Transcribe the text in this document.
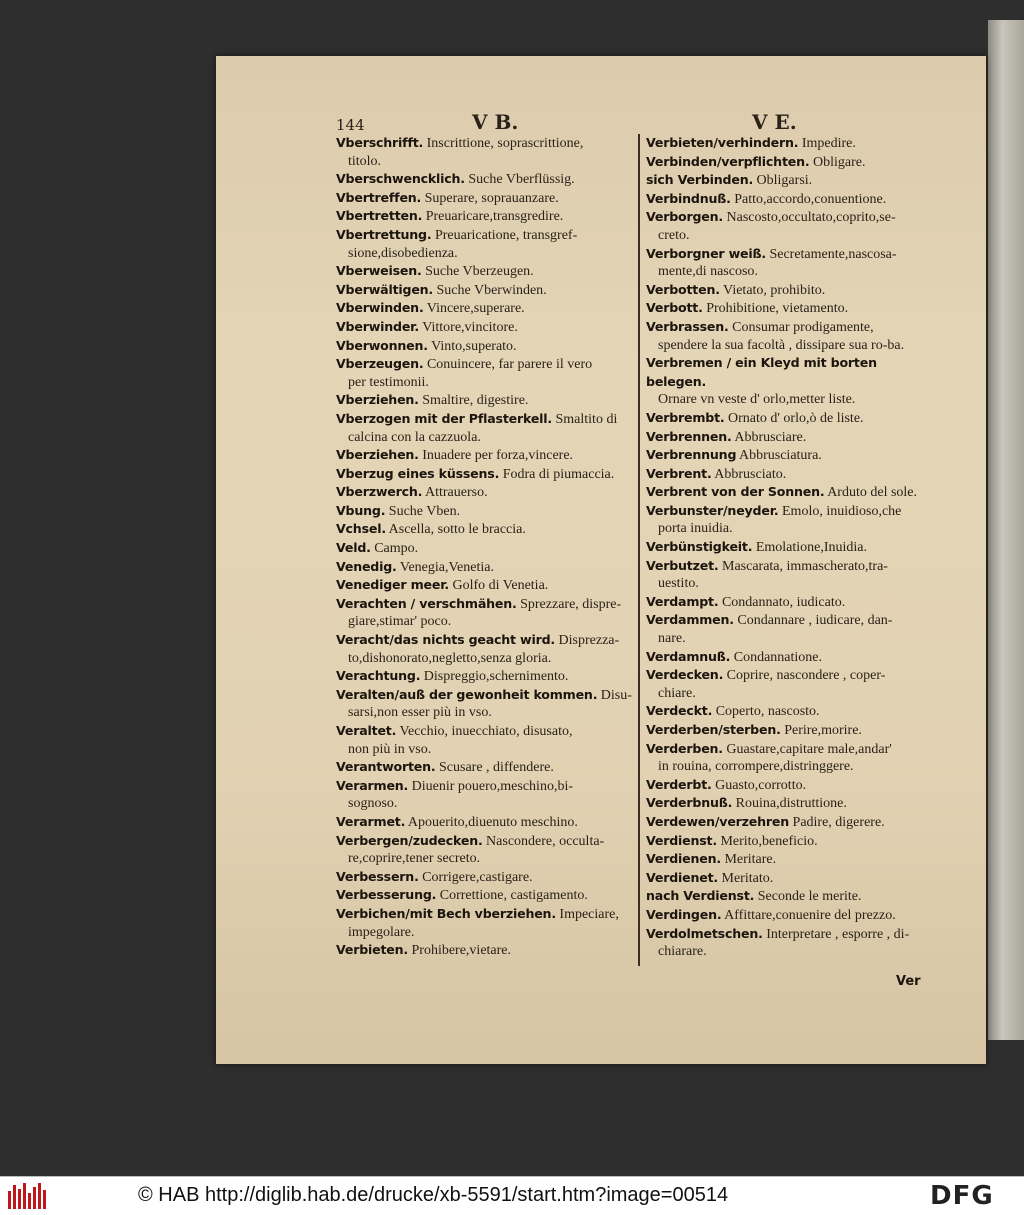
144	V B.	V E.
Vberschrifft. Inscrittione, soprascrittione,
titolo.
Vberschwencklich. Suche Vberflüssig.
Vbertreffen. Superare, soprauanzare.
Vbertretten. Preuaricare,transgredire.
Vbertrettung. Preuaricatione, transgref-
sione,disobedienza.
Vberweisen. Suche Vberzeugen.
Vberwältigen. Suche Vberwinden.
Vberwinden. Vincere,superare.
Vberwinder. Vittore,vincitore.
Vberwonnen. Vinto,superato.
Vberzeugen. Conuincere, far parere il vero
per testimonii.
Vberziehen. Smaltire, digestire.
Vberzogen mit der Pflasterkell. Smaltito di
calcina con la cazzuola.
Vberziehen. Inuadere per forza,vincere.
Vberzug eines küssens. Fodra di piumaccia.
Vberzwerch. Attrauerso.
Vbung. Suche Vben.
Vchsel. Ascella, sotto le braccia.
Veld. Campo.
Venedig. Venegia,Venetia.
Venediger meer. Golfo di Venetia.
Verachten / verschmähen. Sprezzare, dispre-
giare,stimar' poco.
Veracht/das nichts geacht wird. Disprezza-
to,dishonorato,negletto,senza gloria.
Verachtung. Dispreggio,schernimento.
Veralten/auß der gewonheit kommen. Disu-
sarsi,non esser più in vso.
Veraltet. Vecchio, inuecchiato, disusato,
non più in vso.
Verantworten. Scusare , diffendere.
Verarmen. Diuenir pouero,meschino,bi-
sognoso.
Verarmet. Apouerito,diuenuto meschino.
Verbergen/zudecken. Nascondere, occulta-
re,coprire,tener secreto.
Verbessern. Corrigere,castigare.
Verbesserung. Correttione, castigamento.
Verbichen/mit Bech vberziehen. Impeciare,
impegolare.
Verbieten. Prohibere,vietare.
Verbieten/verhindern. Impedire.
Verbinden/verpflichten. Obligare.
sich Verbinden. Obligarsi.
Verbindnuß. Patto,accordo,conuentione.
Verborgen. Nascosto,occultato,coprito,se-
creto.
Verborgner weiß. Secretamente,nascosa-
mente,di nascoso.
Verbotten. Vietato, prohibito.
Verbott. Prohibitione, vietamento.
Verbrassen. Consumar prodigamente,
spendere la sua facoltà , dissipare sua ro-ba.
Verbremen / ein Kleyd mit borten belegen.
Ornare vn veste d' orlo,metter liste.
Verbrembt. Ornato d' orlo,ò de liste.
Verbrennen. Abbrusciare.
Verbrennung Abbrusciatura.
Verbrent. Abbrusciato.
Verbrent von der Sonnen. Arduto del sole.
Verbunster/neyder. Emolo, inuidioso,che
porta inuidia.
Verbünstigkeit. Emolatione,Inuidia.
Verbutzet. Mascarata, immascherato,tra-
uestito.
Verdampt. Condannato, iudicato.
Verdammen. Condannare , iudicare, dan-
nare.
Verdamnuß. Condannatione.
Verdecken. Coprire, nascondere , coper-
chiare.
Verdeckt. Coperto, nascosto.
Verderben/sterben. Perire,morire.
Verderben. Guastare,capitare male,andar'
in rouina, corrompere,distringgere.
Verderbt. Guasto,corrotto.
Verderbnuß. Rouina,distruttione.
Verdewen/verzehren Padire, digerere.
Verdienst. Merito,beneficio.
Verdienen. Meritare.
Verdienet. Meritato.
nach Verdienst. Seconde le merite.
Verdingen. Affittare,conuenire del prezzo.
Verdolmetschen. Interpretare , esporre , di-
chiarare.
Ver
© HAB http://diglib.hab.de/drucke/xb-5591/start.htm?image=00514	DFG
